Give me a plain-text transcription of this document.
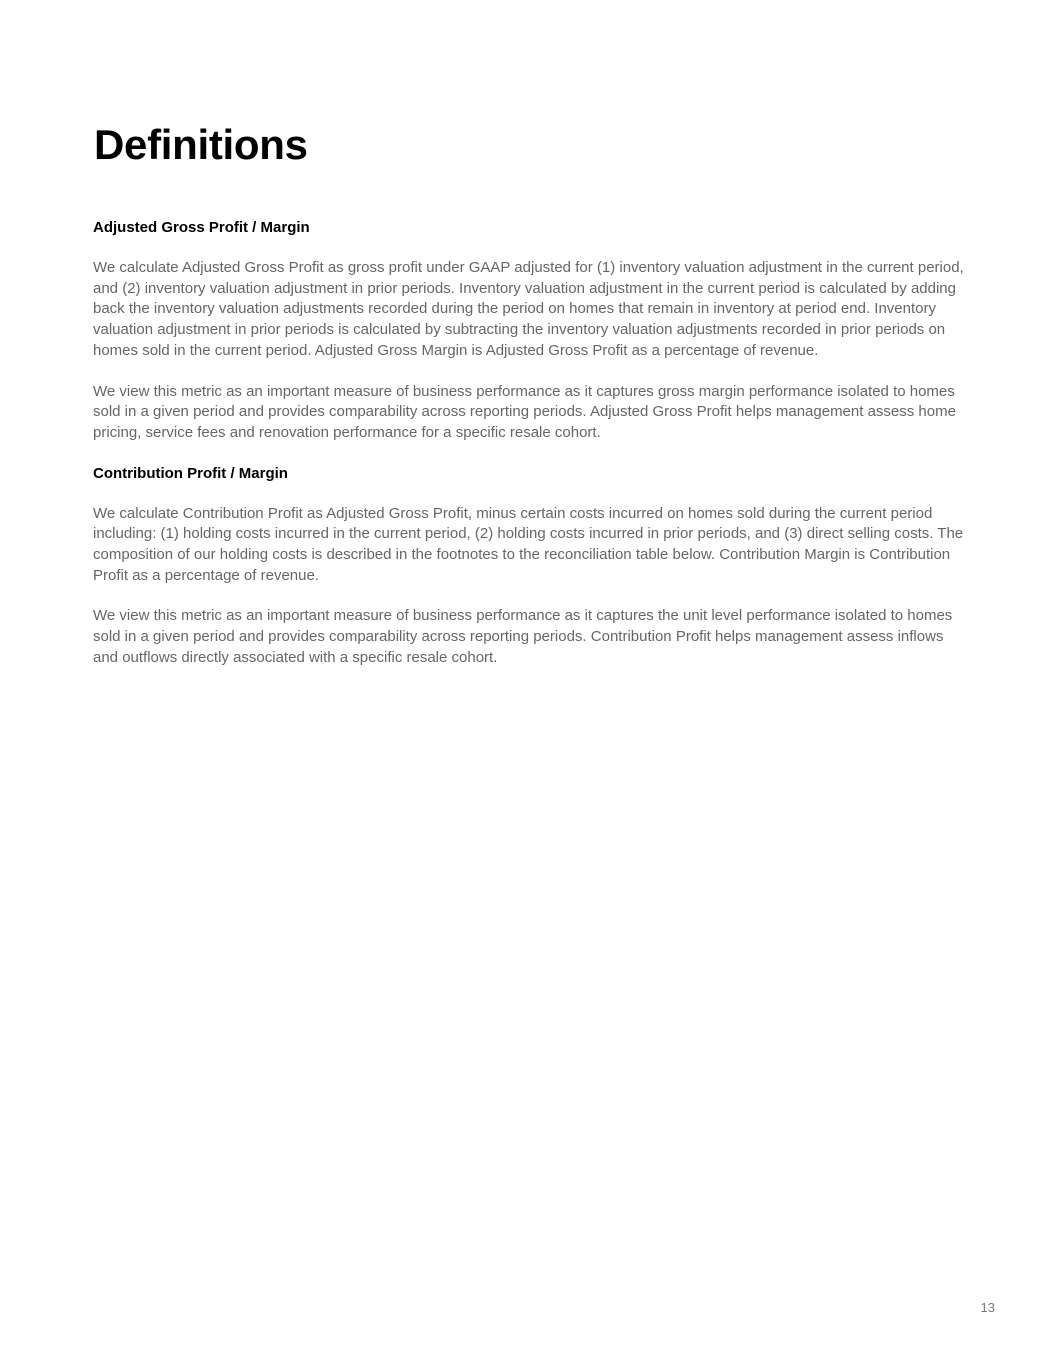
Definitions
Adjusted Gross Profit / Margin

We calculate Adjusted Gross Profit as gross profit under GAAP adjusted for (1) inventory valuation adjustment in the current period, and (2) inventory valuation adjustment in prior periods. Inventory valuation adjustment in the current period is calculated by adding back the inventory valuation adjustments recorded during the period on homes that remain in inventory at period end. Inventory valuation adjustment in prior periods is calculated by subtracting the inventory valuation adjustments recorded in prior periods on homes sold in the current period. Adjusted Gross Margin is Adjusted Gross Profit as a percentage of revenue.

We view this metric as an important measure of business performance as it captures gross margin performance isolated to homes sold in a given period and provides comparability across reporting periods. Adjusted Gross Profit helps management assess home pricing, service fees and renovation performance for a specific resale cohort.

Contribution Profit / Margin

We calculate Contribution Profit as Adjusted Gross Profit, minus certain costs incurred on homes sold during the current period including: (1) holding costs incurred in the current period, (2) holding costs incurred in prior periods, and (3) direct selling costs. The composition of our holding costs is described in the footnotes to the reconciliation table below. Contribution Margin is Contribution Profit as a percentage of revenue.

We view this metric as an important measure of business performance as it captures the unit level performance isolated to homes sold in a given period and provides comparability across reporting periods. Contribution Profit helps management assess inflows and outflows directly associated with a specific resale cohort.

13
